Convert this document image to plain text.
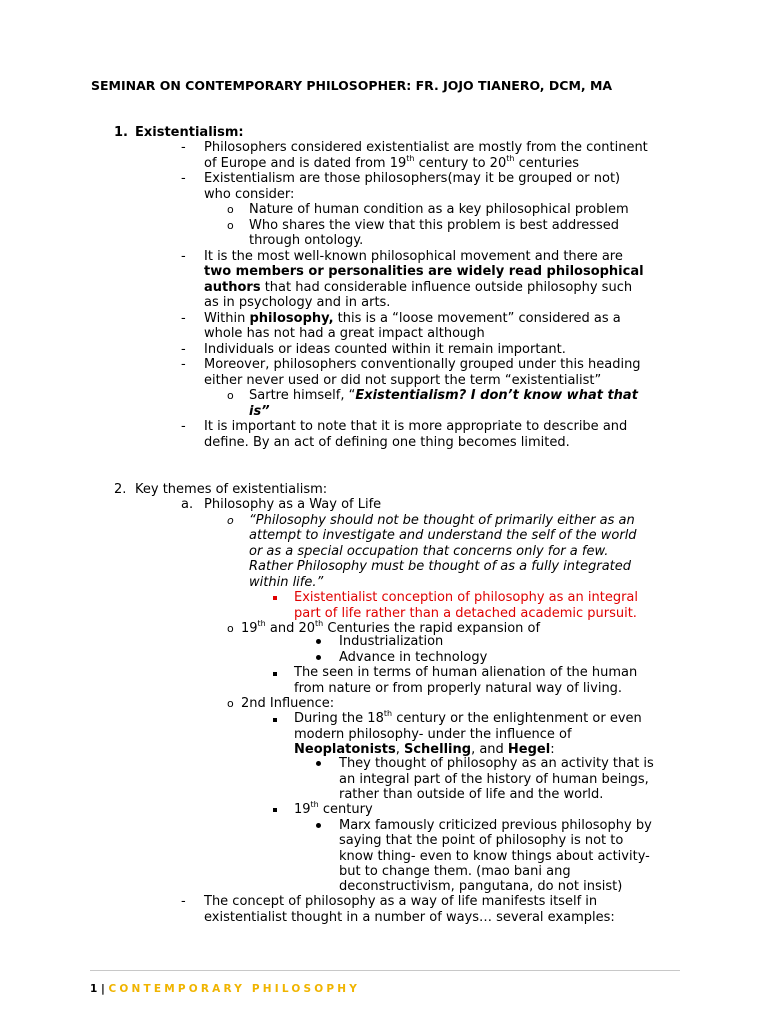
SEMINAR ON CONTEMPORARY PHILOSOPHER: FR. JOJO TIANERO, DCM, MA
1. Existentialism:
- Philosophers considered existentialist are mostly from the continent
of Europe and is dated from 19th century to 20th centuries
- Existentialism are those philosophers(may it be grouped or not)
who consider:
o Nature of human condition as a key philosophical problem
o Who shares the view that this problem is best addressed
through ontology.
- It is the most well-known philosophical movement and there are
two members or personalities are widely read philosophical
authors that had considerable influence outside philosophy such
as in psychology and in arts.
- Within philosophy, this is a “loose movement” considered as a
whole has not had a great impact although
- Individuals or ideas counted within it remain important.
- Moreover, philosophers conventionally grouped under this heading
either never used or did not support the term “existentialist”
o Sartre himself, “Existentialism? I don’t know what that
is”
- It is important to note that it is more appropriate to describe and
define. By an act of defining one thing becomes limited.
2. Key themes of existentialism:
a. Philosophy as a Way of Life
o “Philosophy should not be thought of primarily either as an
attempt to investigate and understand the self of the world
or as a special occupation that concerns only for a few.
Rather Philosophy must be thought of as a fully integrated
within life.”
Existentialist conception of philosophy as an integral
part of life rather than a detached academic pursuit.
o 19th and 20th Centuries the rapid expansion of
Industrialization
Advance in technology
The seen in terms of human alienation of the human
from nature or from properly natural way of living.
o 2nd Influence:
During the 18th century or the enlightenment or even
modern philosophy- under the influence of
Neoplatonists, Schelling, and Hegel:
They thought of philosophy as an activity that is
an integral part of the history of human beings,
rather than outside of life and the world.
19th century
Marx famously criticized previous philosophy by
saying that the point of philosophy is not to
know thing- even to know things about activity-
but to change them. (mao bani ang
deconstructivism, pangutana, do not insist)
- The concept of philosophy as a way of life manifests itself in
existentialist thought in a number of ways… several examples:
1 | CONTEMPORARY PHILOSOPHY
